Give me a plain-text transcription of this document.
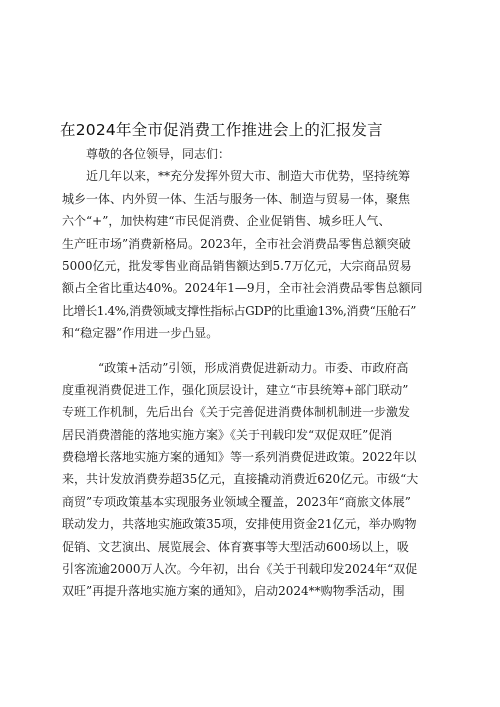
在2024年全市促消费工作推进会上的汇报发言
尊敬的各位领导，同志们：
近几年以来，**充分发挥外贸大市、制造大市优势，坚持统筹
城乡一体、内外贸一体、生活与服务一体、制造与贸易一体，聚焦
六个“+”，加快构建“市民促消费、企业促销售、城乡旺人气、
生产旺市场”消费新格局。2023年，全市社会消费品零售总额突破
5000亿元，批发零售业商品销售额达到5.7万亿元，大宗商品贸易
额占全省比重达40%。2024年1—9月，全市社会消费品零售总额同
比增长1.4%,消费领域支撑性指标占GDP的比重逾13%,消费“压舱石”
和“稳定器”作用进一步凸显。
“政策+活动”引领，形成消费促进新动力。市委、市政府高
度重视消费促进工作，强化顶层设计，建立“市县统筹+部门联动”
专班工作机制，先后出台《关于完善促进消费体制机制进一步激发
居民消费潜能的落地实施方案》《关于刊载印发“双促双旺”促消
费稳增长落地实施方案的通知》等一系列消费促进政策。2022年以
来，共计发放消费券超35亿元，直接撬动消费近620亿元。市级“大
商贸”专项政策基本实现服务业领域全覆盖，2023年“商旅文体展”
联动发力，共落地实施政策35项，安排使用资金21亿元，举办购物
促销、文艺演出、展览展会、体育赛事等大型活动600场以上，吸
引客流逾2000万人次。今年初，出台《关于刊载印发2024年“双促
双旺”再提升落地实施方案的通知》，启动2024**购物季活动，围
